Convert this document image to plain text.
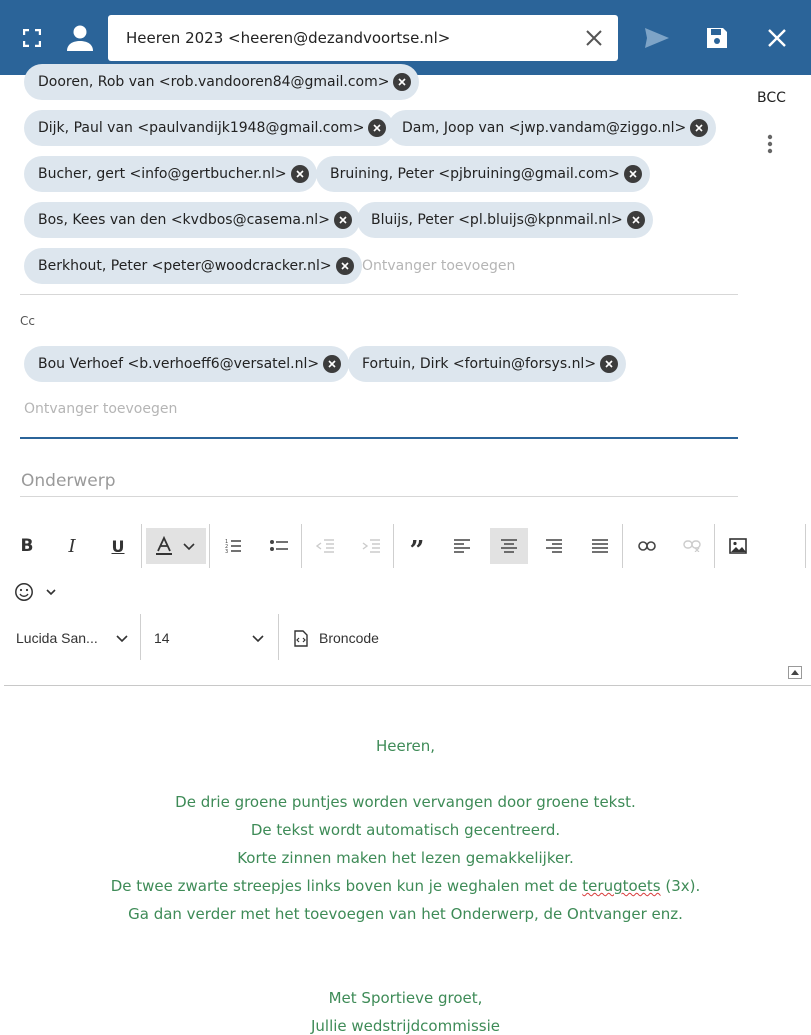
Heeren 2023 <heeren@dezandvoortse.nl>
Dooren, Rob van <rob.vandooren84@gmail.com>
Dijk, Paul van <paulvandijk1948@gmail.com>	Dam, Joop van <jwp.vandam@ziggo.nl>
Bucher, gert <info@gertbucher.nl>	Bruining, Peter <pjbruining@gmail.com>
Bos, Kees van den <kvdbos@casema.nl>	Bluijs, Peter <pl.bluijs@kpnmail.nl>
Berkhout, Peter <peter@woodcracker.nl>	Ontvanger toevoegen
BCC
Cc
Bou Verhoef <b.verhoeff6@versatel.nl>	Fortuin, Dirk <fortuin@forsys.nl>
Ontvanger toevoegen
Onderwerp
B I U	1
2
3	”
Lucida San...	14	Broncode
Heeren,
De drie groene puntjes worden vervangen door groene tekst.
De tekst wordt automatisch gecentreerd.
Korte zinnen maken het lezen gemakkelijker.
De twee zwarte streepjes links boven kun je weghalen met de terugtoets (3x).
Ga dan verder met het toevoegen van het Onderwerp, de Ontvanger enz.
Met Sportieve groet,
Jullie wedstrijdcommissie
